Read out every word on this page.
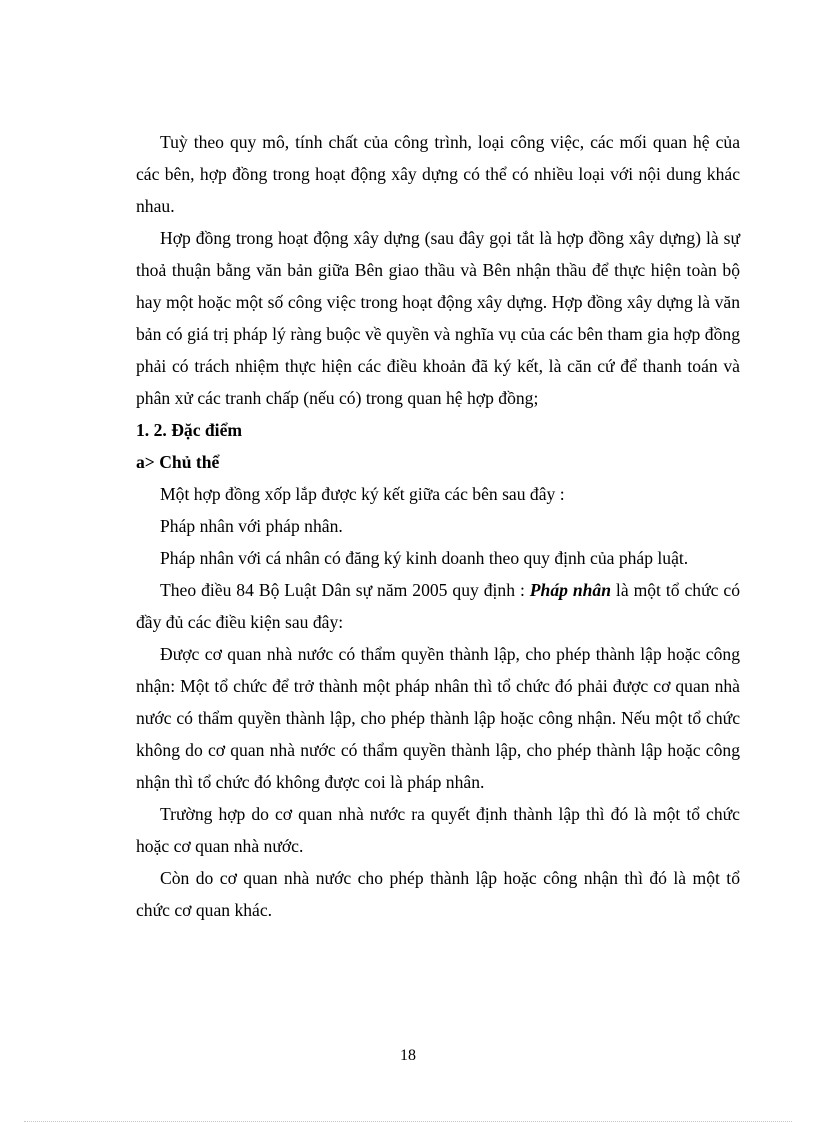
Tuỳ theo quy mô, tính chất của công trình, loại công việc, các mối quan hệ của các bên, hợp đồng trong hoạt động xây dựng có thể có nhiều loại với nội dung khác nhau.

Hợp đồng trong hoạt động xây dựng (sau đây gọi tắt là hợp đồng xây dựng) là sự thoả thuận bằng văn bản giữa Bên giao thầu và Bên nhận thầu để thực hiện toàn bộ hay một hoặc một số công việc trong hoạt động xây dựng. Hợp đồng xây dựng là văn bản có giá trị pháp lý ràng buộc về quyền và nghĩa vụ của các bên tham gia hợp đồng phải có trách nhiệm thực hiện các điều khoản đã ký kết, là căn cứ để thanh toán và phân xử các tranh chấp (nếu có) trong quan hệ hợp đồng;

1. 2. Đặc điểm

a> Chủ thể

Một hợp đồng xốp lắp được ký kết giữa các bên sau đây :

Pháp nhân với pháp nhân.

Pháp nhân với cá nhân có đăng ký kinh doanh theo quy định của pháp luật.

Theo điều 84 Bộ Luật Dân sự năm 2005 quy định : Pháp nhân là một tổ chức có đầy đủ các điều kiện sau đây:

Được cơ quan nhà nước có thẩm quyền thành lập, cho phép thành lập hoặc công nhận: Một tổ chức để trở thành một pháp nhân thì tổ chức đó phải được cơ quan nhà nước có thẩm quyền thành lập, cho phép thành lập hoặc công nhận. Nếu một tổ chức không do cơ quan nhà nước có thẩm quyền thành lập, cho phép thành lập hoặc công nhận thì tổ chức đó không được coi là pháp nhân.

Trường hợp do cơ quan nhà nước ra quyết định thành lập thì đó là một tổ chức hoặc cơ quan nhà nước.

Còn do cơ quan nhà nước cho phép thành lập hoặc công nhận thì đó là một tổ chức cơ quan khác.

18
